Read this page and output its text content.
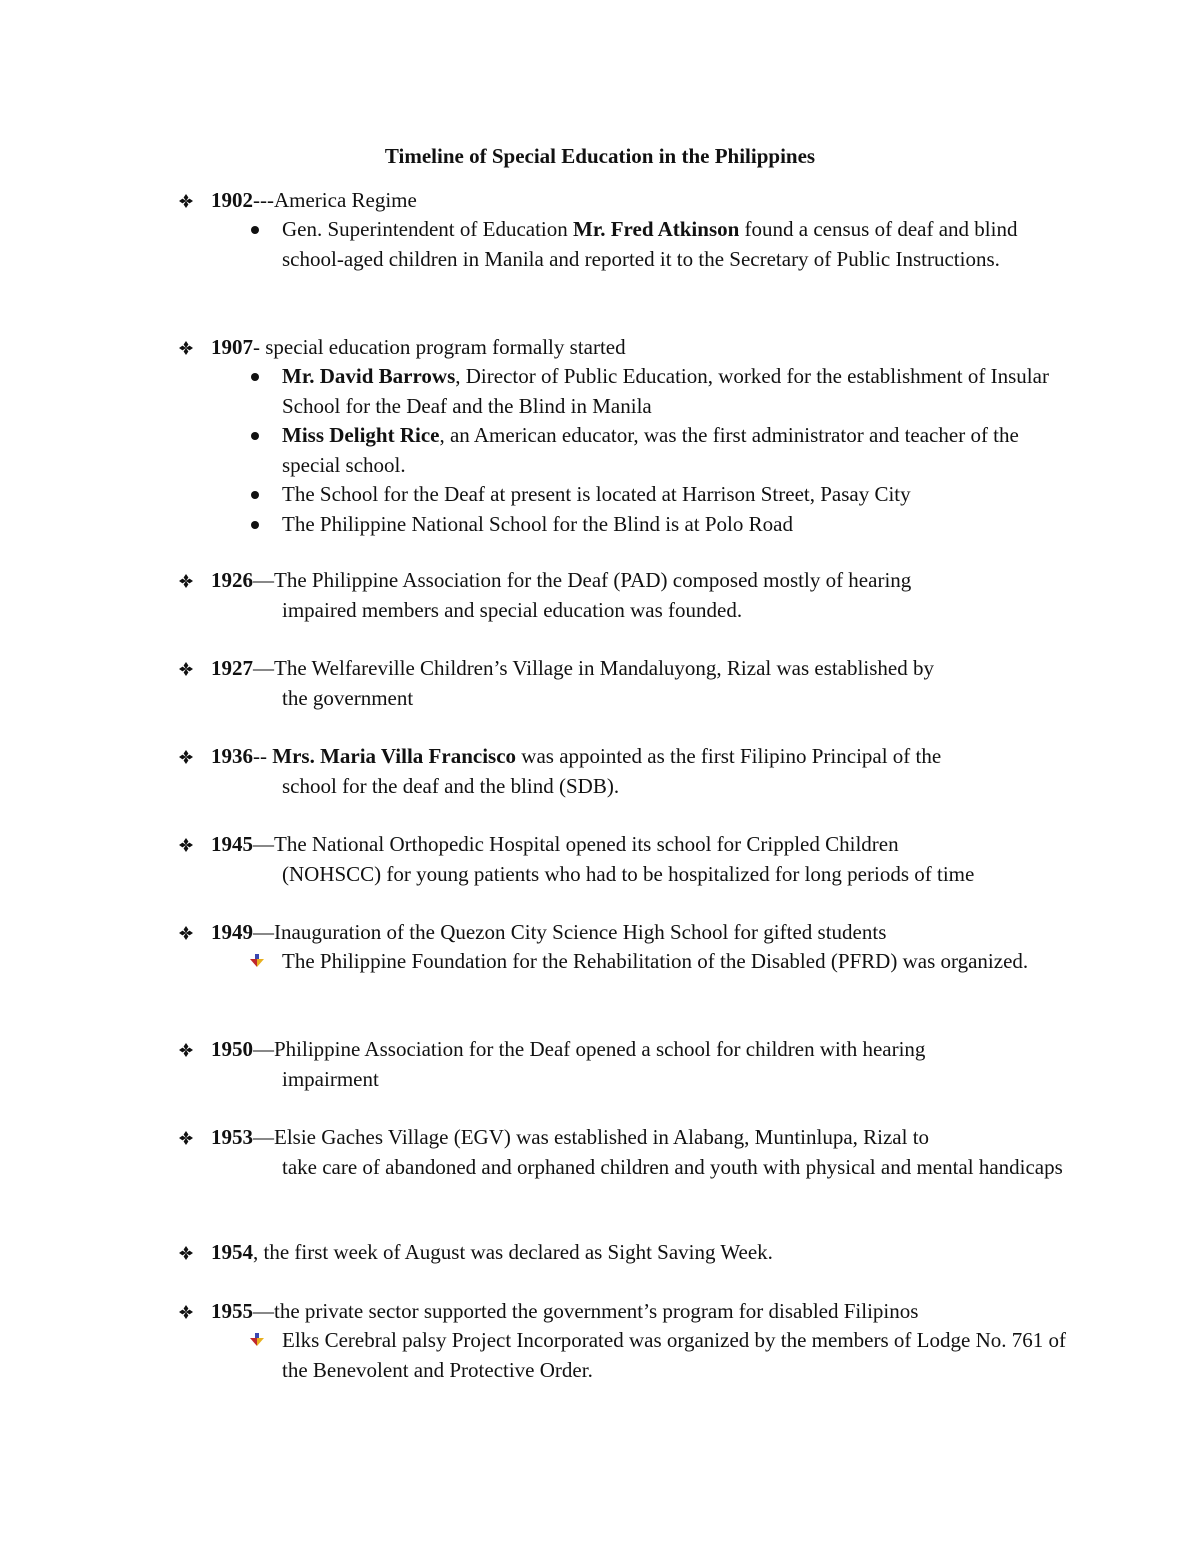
Timeline of Special Education in the Philippines
1902---America Regime
Gen. Superintendent of Education Mr. Fred Atkinson found a census of deaf and blind school-aged children in Manila and reported it to the Secretary of Public Instructions.
1907- special education program formally started
Mr. David Barrows, Director of Public Education, worked for the establishment of Insular School for the Deaf and the Blind in Manila
Miss Delight Rice, an American educator, was the first administrator and teacher of the special school.
The School for the Deaf at present is located at Harrison Street, Pasay City
The Philippine National School for the Blind is at Polo Road
1926—The Philippine Association for the Deaf (PAD) composed mostly of hearing
impaired members and special education was founded.
1927—The Welfareville Children’s Village in Mandaluyong, Rizal was established by
the government
1936-- Mrs. Maria Villa Francisco was appointed as the first Filipino Principal of the
school for the deaf and the blind (SDB).
1945—The National Orthopedic Hospital opened its school for Crippled Children
(NOHSCC) for young patients who had to be hospitalized for long periods of time
1949—Inauguration of the Quezon City Science High School for gifted students
The Philippine Foundation for the Rehabilitation of the Disabled (PFRD) was organized.
1950—Philippine Association for the Deaf opened a school for children with hearing
impairment
1953—Elsie Gaches Village (EGV) was established in Alabang, Muntinlupa, Rizal to
take care of abandoned and orphaned children and youth with physical and mental handicaps
1954, the first week of August was declared as Sight Saving Week.
1955—the private sector supported the government’s program for disabled Filipinos
Elks Cerebral palsy Project Incorporated was organized by the members of Lodge No. 761 of the Benevolent and Protective Order.
